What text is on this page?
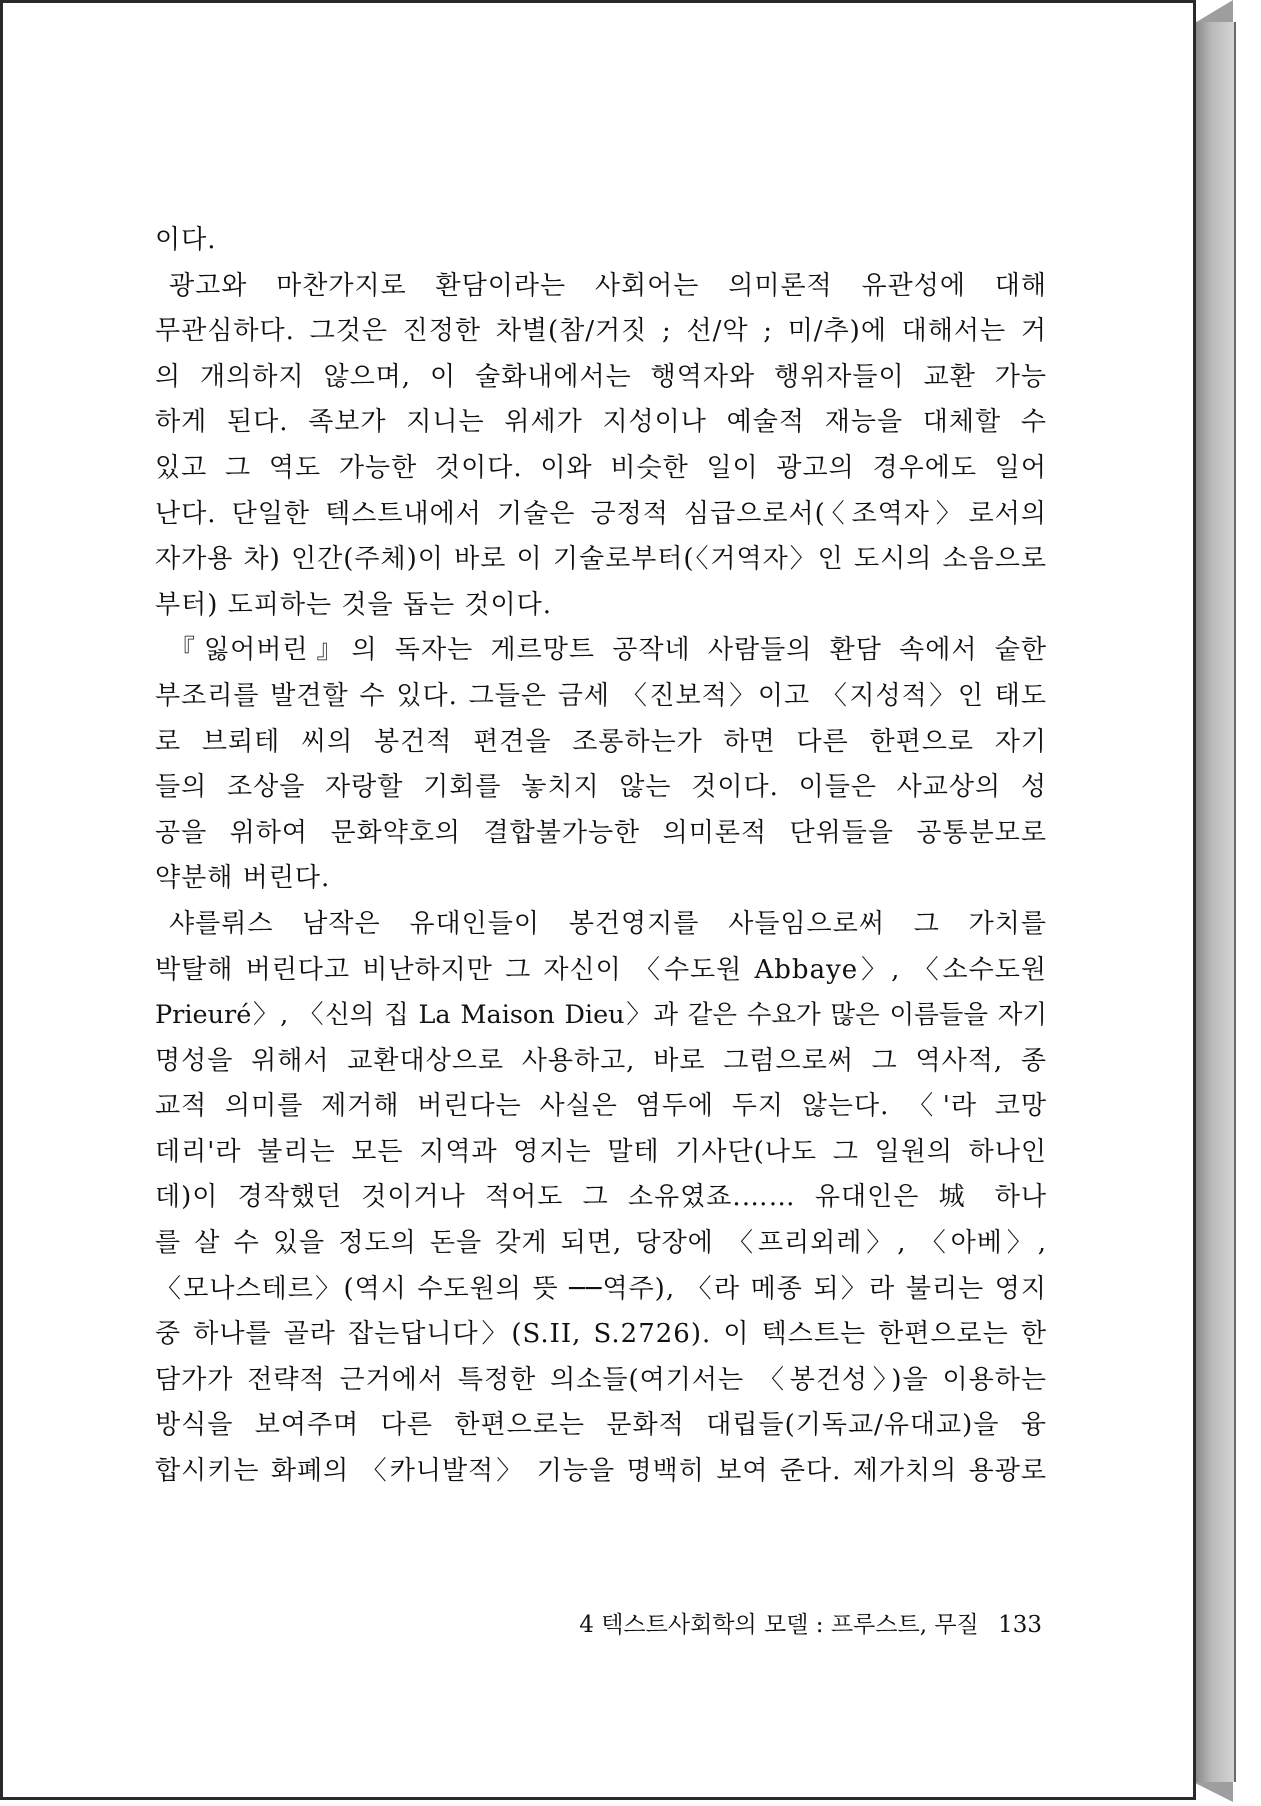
이다.
광고와 마찬가지로 환담이라는 사회어는 의미론적 유관성에 대해
무관심하다. 그것은 진정한 차별(참/거짓 ; 선/악 ; 미/추)에 대해서는 거
의 개의하지 않으며, 이 술화내에서는 행역자와 행위자들이 교환 가능
하게 된다. 족보가 지니는 위세가 지성이나 예술적 재능을 대체할 수
있고 그 역도 가능한 것이다. 이와 비슷한 일이 광고의 경우에도 일어
난다. 단일한 텍스트내에서 기술은 긍정적 심급으로서(〈조역자〉로서의
자가용 차) 인간(주체)이 바로 이 기술로부터(〈거역자〉인 도시의 소음으로
부터) 도피하는 것을 돕는 것이다.
『잃어버린』의 독자는 게르망트 공작네 사람들의 환담 속에서 숱한
부조리를 발견할 수 있다. 그들은 금세 〈진보적〉이고 〈지성적〉인 태도
로 브뢰테 씨의 봉건적 편견을 조롱하는가 하면 다른 한편으로 자기
들의 조상을 자랑할 기회를 놓치지 않는 것이다. 이들은 사교상의 성
공을 위하여 문화약호의 결합불가능한 의미론적 단위들을 공통분모로
약분해 버린다.
샤를뤼스 남작은 유대인들이 봉건영지를 사들임으로써 그 가치를
박탈해 버린다고 비난하지만 그 자신이 〈수도원 Abbaye〉, 〈소수도원
Prieuré〉, 〈신의 집 La Maison Dieu〉과 같은 수요가 많은 이름들을 자기
명성을 위해서 교환대상으로 사용하고, 바로 그럼으로써 그 역사적, 종
교적 의미를 제거해 버린다는 사실은 염두에 두지 않는다. 〈'라 코망
데리'라 불리는 모든 지역과 영지는 말테 기사단(나도 그 일원의 하나인
데)이 경작했던 것이거나 적어도 그 소유였죠.…… 유대인은 城 하나
를 살 수 있을 정도의 돈을 갖게 되면, 당장에 〈프리외레〉, 〈아베〉,
〈모나스테르〉(역시 수도원의 뜻 ──역주), 〈라 메종 되〉라 불리는 영지
중 하나를 골라 잡는답니다〉(S.II, S.2726). 이 텍스트는 한편으로는 한
담가가 전략적 근거에서 특정한 의소들(여기서는 〈봉건성〉)을 이용하는
방식을 보여주며 다른 한편으로는 문화적 대립들(기독교/유대교)을 융
합시키는 화폐의 〈카니발적〉 기능을 명백히 보여 준다. 제가치의 용광로
4 텍스트사회학의 모델 : 프루스트, 무질 133
